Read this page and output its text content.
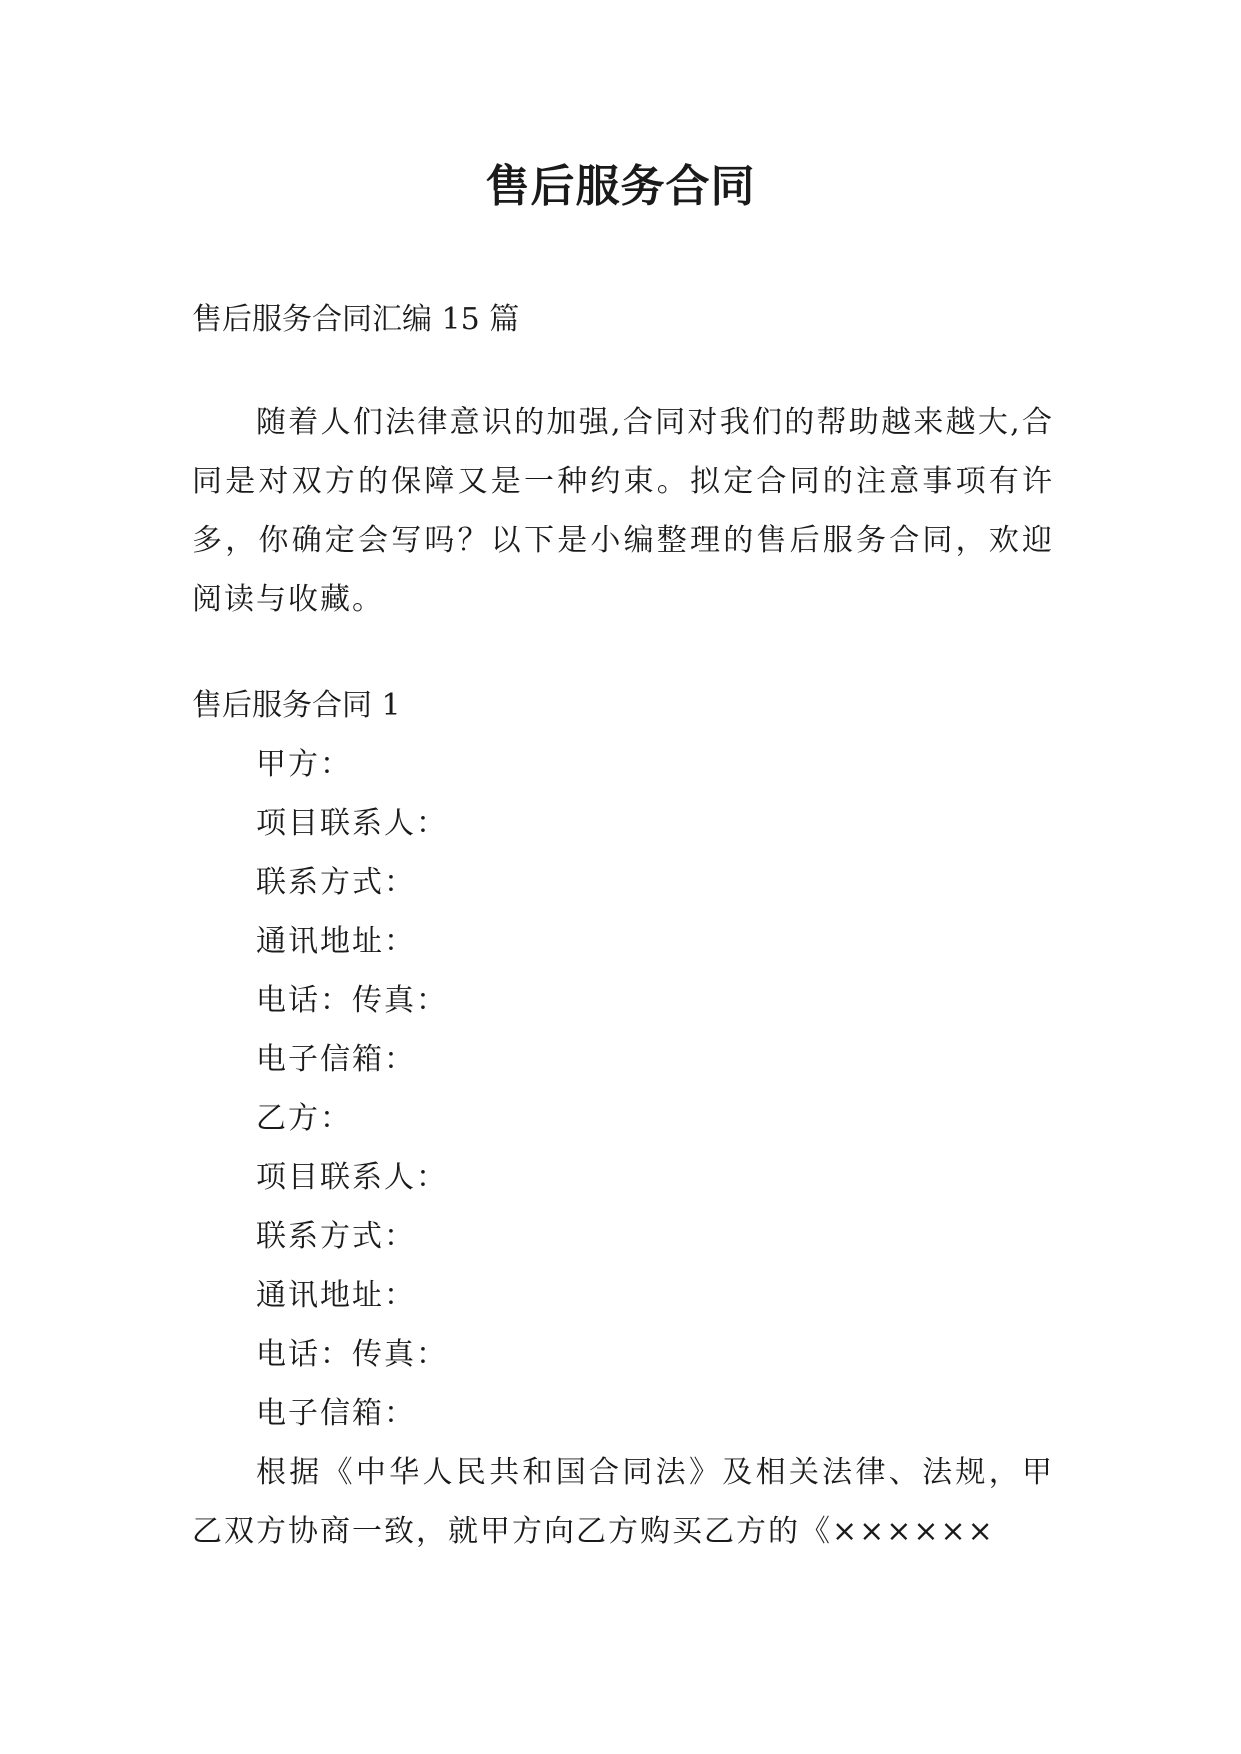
售后服务合同

售后服务合同汇编 15 篇

随着人们法律意识的加强,合同对我们的帮助越来越大,合同是对双方的保障又是一种约束。拟定合同的注意事项有许多，你确定会写吗？以下是小编整理的售后服务合同，欢迎阅读与收藏。

售后服务合同 1

甲方：
项目联系人：
联系方式：
通讯地址：
电话：传真：
电子信箱：
乙方：
项目联系人：
联系方式：
通讯地址：
电话：传真：
电子信箱：

根据《中华人民共和国合同法》及相关法律、法规，甲乙双方协商一致，就甲方向乙方购买乙方的《××××××
